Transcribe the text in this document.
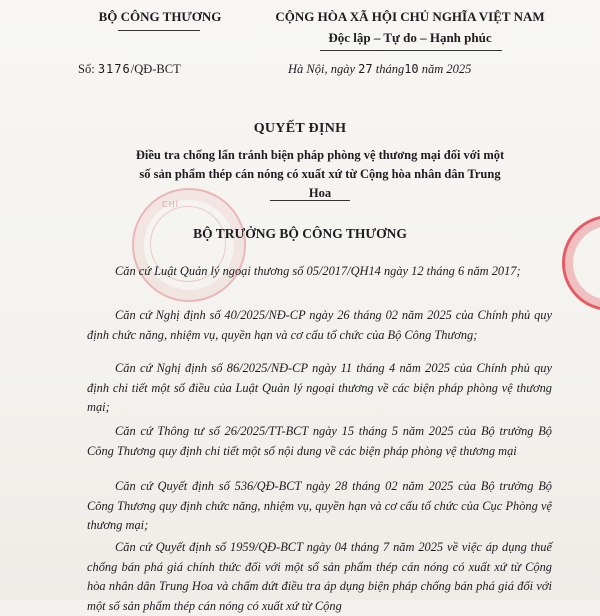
BỘ CÔNG THƯƠNG
Số: 3176/QĐ-BCT
CỘNG HÒA XÃ HỘI CHỦ NGHĨA VIỆT NAM
Độc lập – Tự do – Hạnh phúc
Hà Nội, ngày 27 tháng10 năm 2025
QUYẾT ĐỊNH
Điều tra chống lẩn tránh biện pháp phòng vệ thương mại đối với một số sản phẩm thép cán nóng có xuất xứ từ Cộng hòa nhân dân Trung Hoa
CHÍ
BỘ TRƯỞNG BỘ CÔNG THƯƠNG

Căn cứ Luật Quản lý ngoại thương số 05/2017/QH14 ngày 12 tháng 6 năm 2017;

Căn cứ Nghị định số 40/2025/NĐ-CP ngày 26 tháng 02 năm 2025 của Chính phủ quy định chức năng, nhiệm vụ, quyền hạn và cơ cấu tổ chức của Bộ Công Thương;

Căn cứ Nghị định số 86/2025/NĐ-CP ngày 11 tháng 4 năm 2025 của Chính phủ quy định chi tiết một số điều của Luật Quản lý ngoại thương về các biện pháp phòng vệ thương mại;

Căn cứ Thông tư số 26/2025/TT-BCT ngày 15 tháng 5 năm 2025 của Bộ trưởng Bộ Công Thương quy định chi tiết một số nội dung về các biện pháp phòng vệ thương mại

Căn cứ Quyết định số 536/QĐ-BCT ngày 28 tháng 02 năm 2025 của Bộ trưởng Bộ Công Thương quy định chức năng, nhiệm vụ, quyền hạn và cơ cấu tổ chức của Cục Phòng vệ thương mại;

Căn cứ Quyết định số 1959/QĐ-BCT ngày 04 tháng 7 năm 2025 về việc áp dụng thuế chống bán phá giá chính thức đối với một số sản phẩm thép cán nóng có xuất xứ từ Cộng hòa nhân dân Trung Hoa và chấm dứt điều tra áp dụng biện pháp chống bán phá giá đối với một số sản phẩm thép cán nóng có xuất xứ từ Cộng
